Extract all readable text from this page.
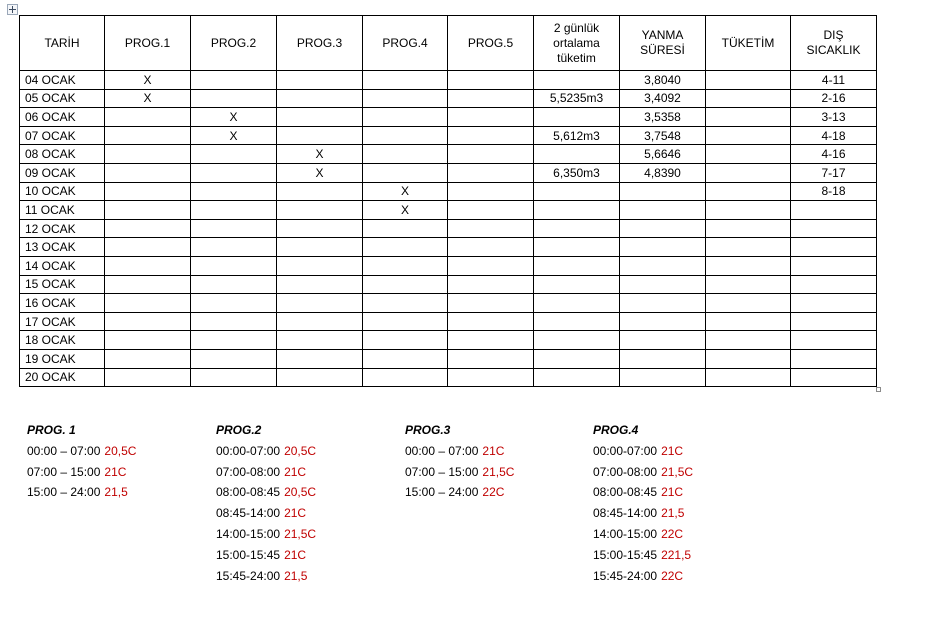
TARİH	PROG.1	PROG.2	PROG.3	PROG.4	PROG.5	2 günlük ortalama tüketim	YANMA SÜRESİ	TÜKETİM	DIŞ SICAKLIK
04 OCAK	X						3,8040		4-11
05 OCAK	X					5,5235m3	3,4092		2-16
06 OCAK		X					3,5358		3-13
07 OCAK		X				5,612m3	3,7548		4-18
08 OCAK			X				5,6646		4-16
09 OCAK			X			6,350m3	4,8390		7-17
10 OCAK				X					8-18
11 OCAK				X					
12 OCAK									
13 OCAK									
14 OCAK									
15 OCAK									
16 OCAK									
17 OCAK									
18 OCAK									
19 OCAK									
20 OCAK									
PROG. 1
00:00 – 07:00 20,5C
07:00 – 15:00 21C
15:00 – 24:00 21,5
PROG.2
00:00-07:00 20,5C
07:00-08:00 21C
08:00-08:45 20,5C
08:45-14:00 21C
14:00-15:00 21,5C
15:00-15:45 21C
15:45-24:00 21,5
PROG.3
00:00 – 07:00 21C
07:00 – 15:00 21,5C
15:00 – 24:00 22C
PROG.4
00:00-07:00 21C
07:00-08:00 21,5C
08:00-08:45 21C
08:45-14:00 21,5
14:00-15:00 22C
15:00-15:45 221,5
15:45-24:00 22C
